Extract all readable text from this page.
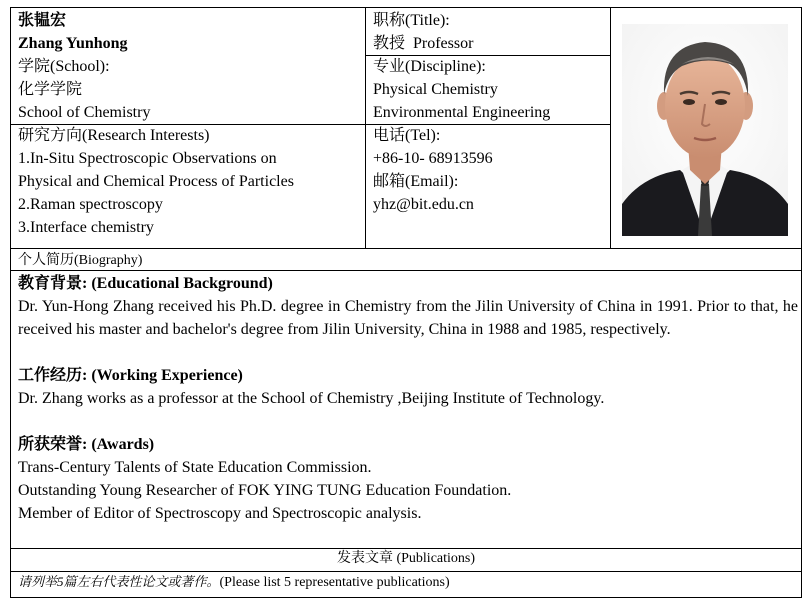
张韫宏
Zhang Yunhong
职称(Title):
教授  Professor
学院(School):
化学学院
School of Chemistry
专业(Discipline):
Physical Chemistry
Environmental Engineering
研究方向(Research Interests)
1.In-Situ Spectroscopic Observations on
Physical and Chemical Process of Particles
2.Raman spectroscopy
3.Interface chemistry
电话(Tel):
+86-10- 68913596
邮箱(Email):
yhz@bit.edu.cn
个人简历(Biography)
教育背景: (Educational Background)

Dr. Yun-Hong Zhang received his Ph.D. degree in Chemistry from the Jilin University of China in 1991. Prior to that, he received his master and bachelor's degree from Jilin University, China in 1988 and 1985, respectively.

工作经历: (Working Experience)
Dr. Zhang works as a professor at the School of Chemistry ,Beijing Institute of Technology.
所获荣誉: (Awards)
Trans-Century Talents of State Education Commission.
Outstanding Young Researcher of FOK YING TUNG Education Foundation.
Member of Editor of Spectroscopy and Spectroscopic analysis.
发表文章 (Publications)
请列举5篇左右代表性论文或著作。(Please list 5 representative publications)
